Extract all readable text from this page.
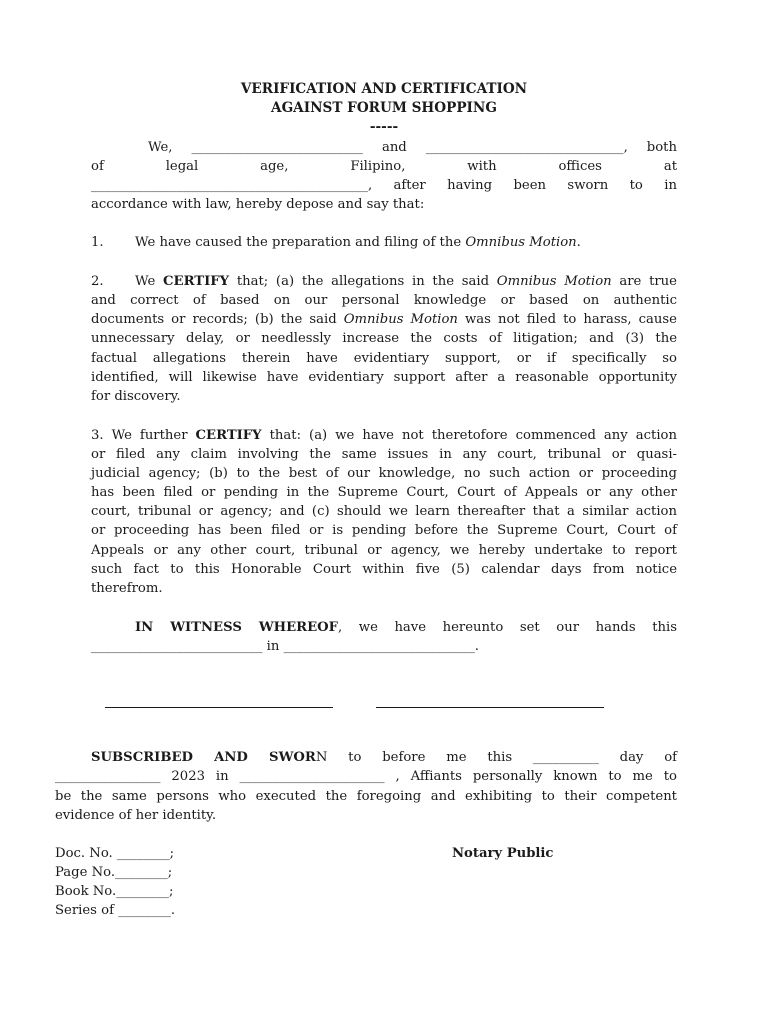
VERIFICATION AND CERTIFICATION
AGAINST FORUM SHOPPING
-----
We, __________________________ and ______________________________, both
of	legal	age,	Filipino,	with	offices	at
__________________________________________, after having been sworn to in
accordance with law, hereby depose and say that:
1. We have caused the preparation and filing of the Omnibus Motion.
2. We CERTIFY that; (a) the allegations in the said Omnibus Motion are true
and correct of based on our personal knowledge or based on authentic
documents or records; (b) the said Omnibus Motion was not filed to harass, cause
unnecessary delay, or needlessly increase the costs of litigation; and (3) the
factual allegations therein have evidentiary support, or if specifically so
identified, will likewise have evidentiary support after a reasonable opportunity
for discovery.
3. We further CERTIFY that: (a) we have not theretofore commenced any action
or filed any claim involving the same issues in any court, tribunal or quasi-
judicial agency; (b) to the best of our knowledge, no such action or proceeding
has been filed or pending in the Supreme Court, Court of Appeals or any other
court, tribunal or agency; and (c) should we learn thereafter that a similar action
or proceeding has been filed or is pending before the Supreme Court, Court of
Appeals or any other court, tribunal or agency, we hereby undertake to report
such fact to this Honorable Court within five (5) calendar days from notice
therefrom.
IN WITNESS WHEREOF, we have hereunto set our hands this
__________________________ in _____________________________.
SUBSCRIBED AND SWORN to before me this __________ day of
________________ 2023 in ______________________ , Affiants personally known to me to
be the same persons who executed the foregoing and exhibiting to their competent
evidence of her identity.
Notary Public
Doc. No. ________;
Page No.________;
Book No.________;
Series of ________.
